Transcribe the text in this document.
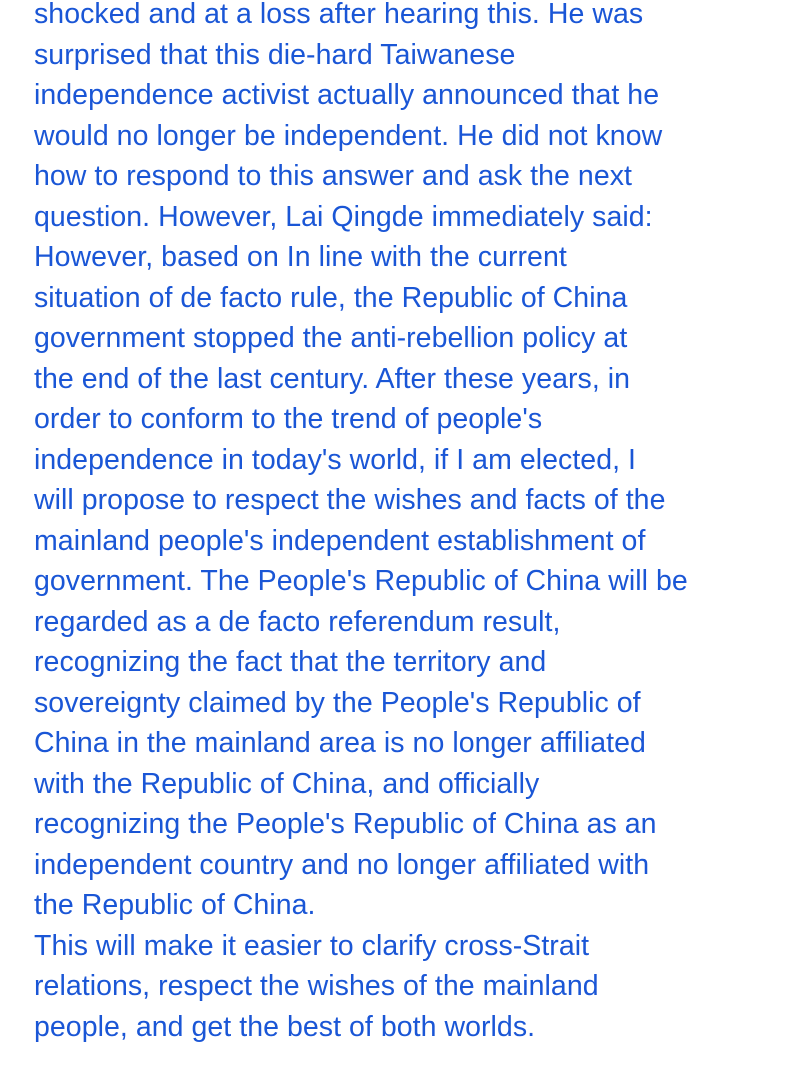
shocked and at a loss after hearing this. He was
surprised that this die-hard Taiwanese
independence activist actually announced that he
would no longer be independent. He did not know
how to respond to this answer and ask the next
question. However, Lai Qingde immediately said:
However, based on In line with the current
situation of de facto rule, the Republic of China
government stopped the anti-rebellion policy at
the end of the last century. After these years, in
order to conform to the trend of people's
independence in today's world, if I am elected, I
will propose to respect the wishes and facts of the
mainland people's independent establishment of
government. The People's Republic of China will be
regarded as a de facto referendum result,
recognizing the fact that the territory and
sovereignty claimed by the People's Republic of
China in the mainland area is no longer affiliated
with the Republic of China, and officially
recognizing the People's Republic of China as an
independent country and no longer affiliated with
the Republic of China.
This will make it easier to clarify cross-Strait
relations, respect the wishes of the mainland
people, and get the best of both worlds.
